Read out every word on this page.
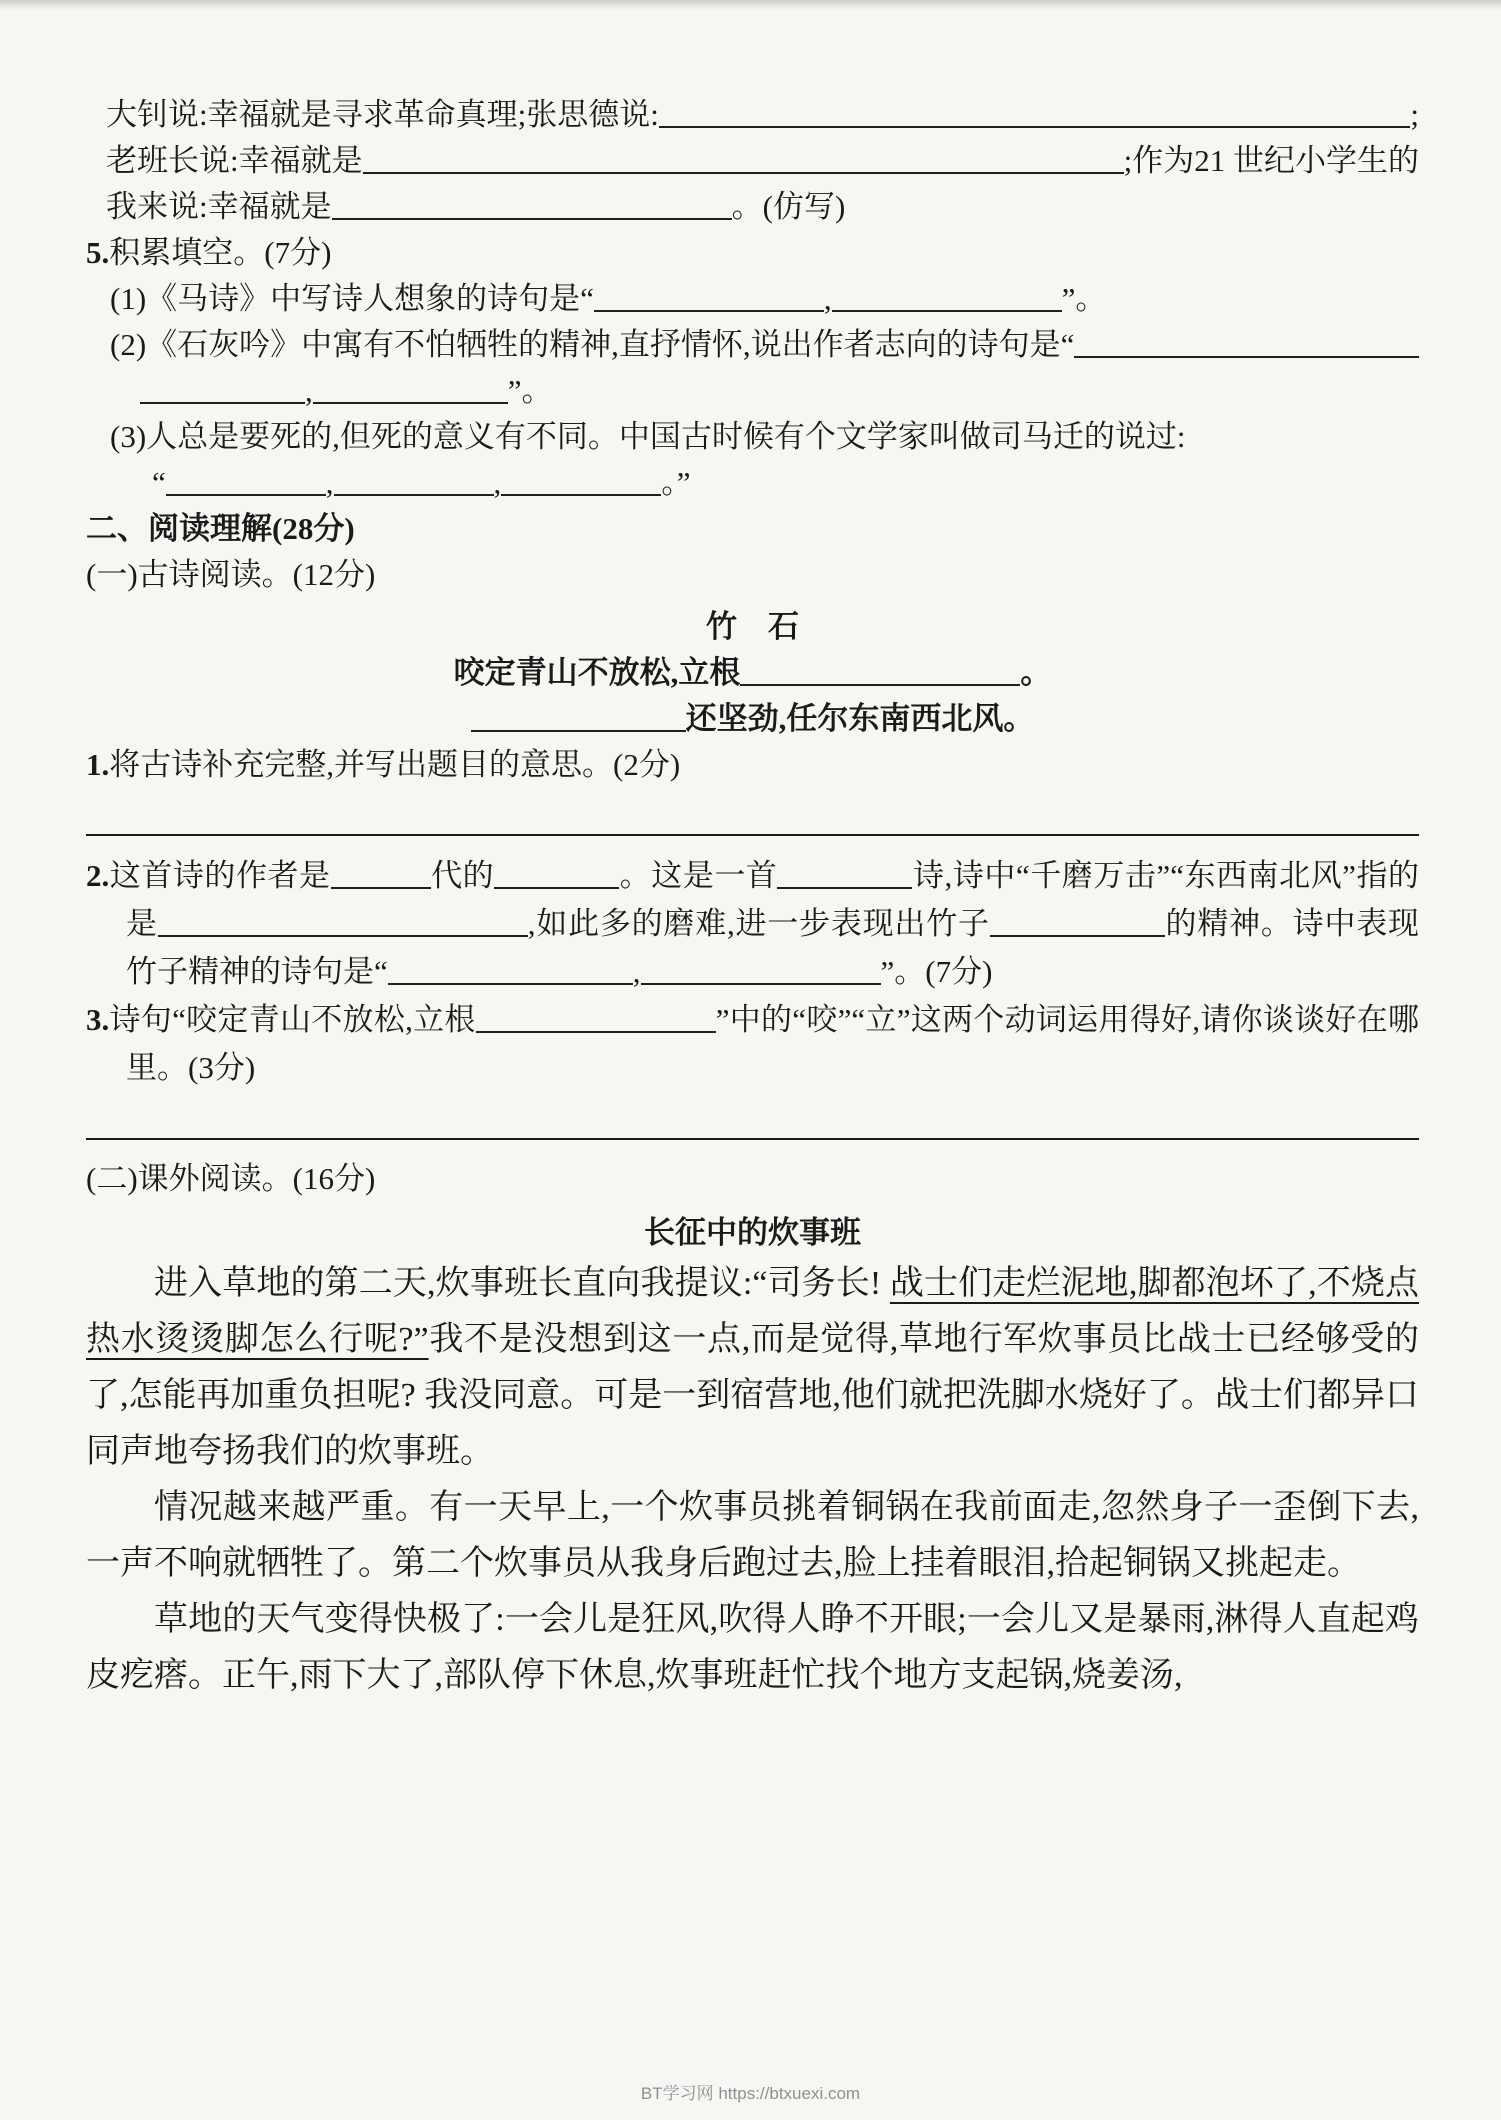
大钊说:幸福就是寻求革命真理;张思德说:	;
老班长说:幸福就是	;作为21 世纪小学生的
我来说:幸福就是	。(仿写)
5.积累填空。(7分)
(1)《马诗》中写诗人想象的诗句是“	,	”。
(2)《石灰吟》中寓有不怕牺牲的精神,直抒情怀,说出作者志向的诗句是“
,	”。
(3)人总是要死的,但死的意义有不同。中国古时候有个文学家叫做司马迁的说过:
“	,	,	。”
二、阅读理解(28分)
(一)古诗阅读。(12分)
竹　石
咬定青山不放松,立根	。
还坚劲,任尔东南西北风。
1.将古诗补充完整,并写出题目的意思。(2分)
2.这首诗的作者是	代的	。这是一首	诗,诗中“千磨万击”“东西南北风”指的是	,如此多的磨难,进一步表现出竹子	的精神。诗中表现竹子精神的诗句是“	,	”。(7分)
3.诗句“咬定青山不放松,立根	”中的“咬”“立”这两个动词运用得好,请你谈谈好在哪里。(3分)
(二)课外阅读。(16分)
长征中的炊事班
进入草地的第二天,炊事班长直向我提议:“司务长! 战士们走烂泥地,脚都泡坏了,不烧点热水烫烫脚怎么行呢?”我不是没想到这一点,而是觉得,草地行军炊事员比战士已经够受的了,怎能再加重负担呢? 我没同意。可是一到宿营地,他们就把洗脚水烧好了。战士们都异口同声地夸扬我们的炊事班。
情况越来越严重。有一天早上,一个炊事员挑着铜锅在我前面走,忽然身子一歪倒下去,一声不响就牺牲了。第二个炊事员从我身后跑过去,脸上挂着眼泪,拾起铜锅又挑起走。
草地的天气变得快极了:一会儿是狂风,吹得人睁不开眼;一会儿又是暴雨,淋得人直起鸡皮疙瘩。正午,雨下大了,部队停下休息,炊事班赶忙找个地方支起锅,烧姜汤,
BT学习网 https://btxuexi.com
